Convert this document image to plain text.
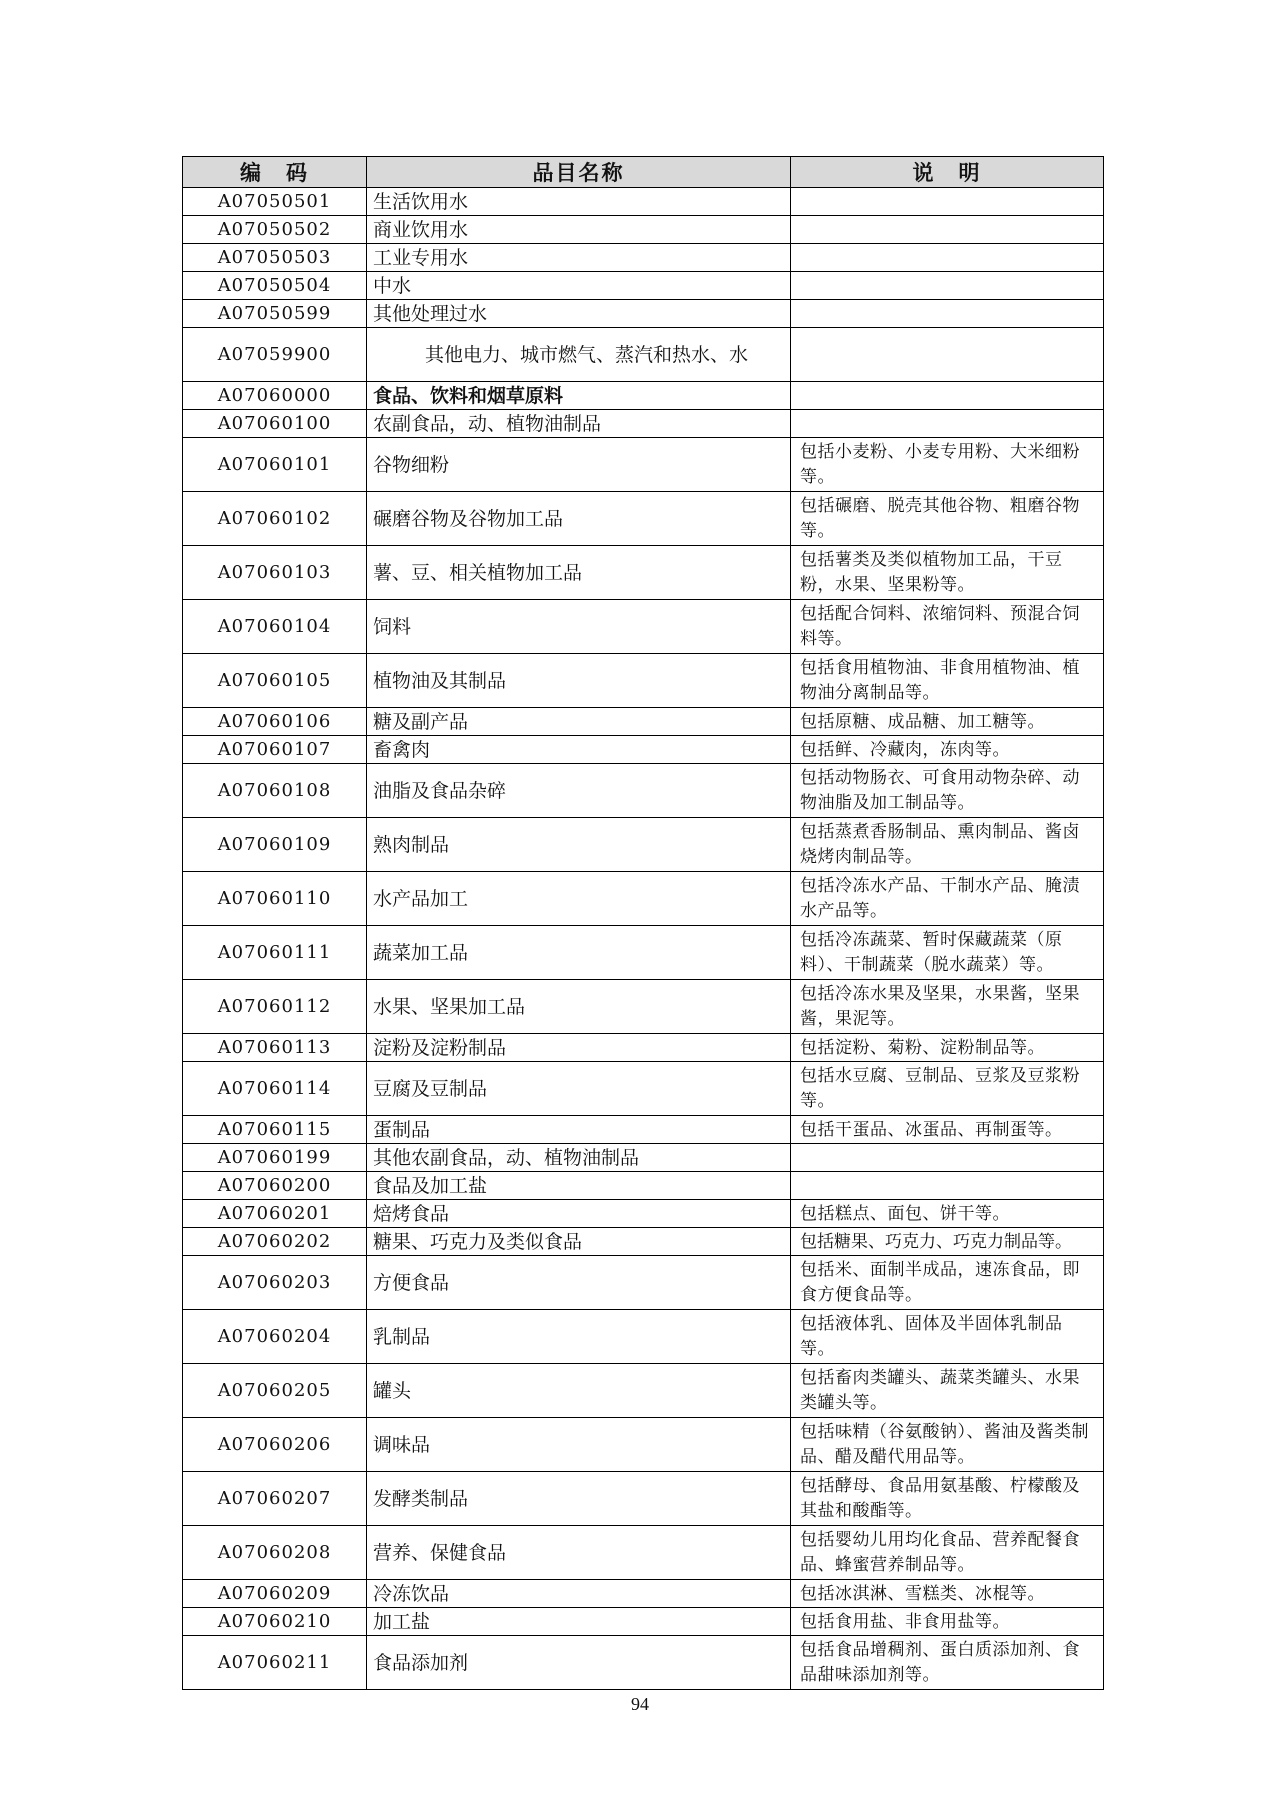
编　码	品目名称	说　明
A07050501	生活饮用水	
A07050502	商业饮用水	
A07050503	工业专用水	
A07050504	中水	
A07050599	其他处理过水	
A07059900	其他电力、城市燃气、蒸汽和热水、水	
A07060000	食品、饮料和烟草原料	
A07060100	农副食品，动、植物油制品	
A07060101	谷物细粉	包括小麦粉、小麦专用粉、大米细粉等。
A07060102	碾磨谷物及谷物加工品	包括碾磨、脱壳其他谷物、粗磨谷物等。
A07060103	薯、豆、相关植物加工品	包括薯类及类似植物加工品，干豆粉，水果、坚果粉等。
A07060104	饲料	包括配合饲料、浓缩饲料、预混合饲料等。
A07060105	植物油及其制品	包括食用植物油、非食用植物油、植物油分离制品等。
A07060106	糖及副产品	包括原糖、成品糖、加工糖等。
A07060107	畜禽肉	包括鲜、冷藏肉，冻肉等。
A07060108	油脂及食品杂碎	包括动物肠衣、可食用动物杂碎、动物油脂及加工制品等。
A07060109	熟肉制品	包括蒸煮香肠制品、熏肉制品、酱卤烧烤肉制品等。
A07060110	水产品加工	包括冷冻水产品、干制水产品、腌渍水产品等。
A07060111	蔬菜加工品	包括冷冻蔬菜、暂时保藏蔬菜（原料）、干制蔬菜（脱水蔬菜）等。
A07060112	水果、坚果加工品	包括冷冻水果及坚果，水果酱，坚果酱，果泥等。
A07060113	淀粉及淀粉制品	包括淀粉、菊粉、淀粉制品等。
A07060114	豆腐及豆制品	包括水豆腐、豆制品、豆浆及豆浆粉等。
A07060115	蛋制品	包括干蛋品、冰蛋品、再制蛋等。
A07060199	其他农副食品，动、植物油制品	
A07060200	食品及加工盐	
A07060201	焙烤食品	包括糕点、面包、饼干等。
A07060202	糖果、巧克力及类似食品	包括糖果、巧克力、巧克力制品等。
A07060203	方便食品	包括米、面制半成品，速冻食品，即食方便食品等。
A07060204	乳制品	包括液体乳、固体及半固体乳制品等。
A07060205	罐头	包括畜肉类罐头、蔬菜类罐头、水果类罐头等。
A07060206	调味品	包括味精（谷氨酸钠）、酱油及酱类制品、醋及醋代用品等。
A07060207	发酵类制品	包括酵母、食品用氨基酸、柠檬酸及其盐和酸酯等。
A07060208	营养、保健食品	包括婴幼儿用均化食品、营养配餐食品、蜂蜜营养制品等。
A07060209	冷冻饮品	包括冰淇淋、雪糕类、冰棍等。
A07060210	加工盐	包括食用盐、非食用盐等。
A07060211	食品添加剂	包括食品增稠剂、蛋白质添加剂、食品甜味添加剂等。
94
